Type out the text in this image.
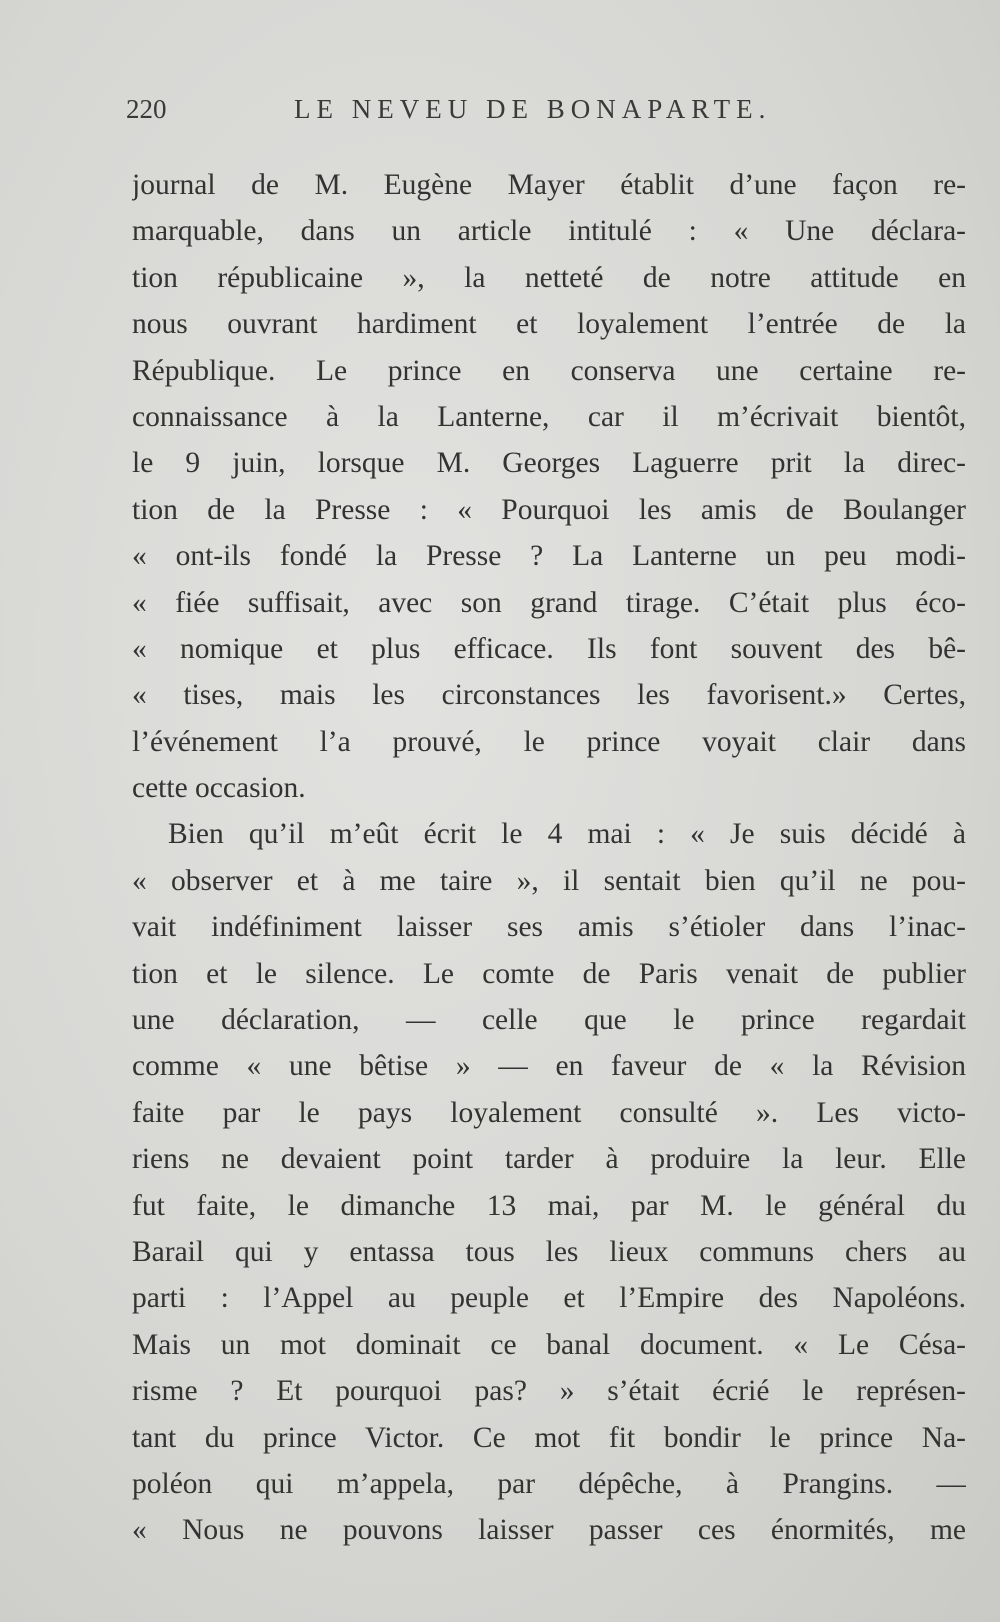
220	LE NEVEU DE BONAPARTE.
journal de M. Eugène Mayer établit d’une façon re-
marquable, dans un article intitulé : « Une déclara-
tion républicaine », la netteté de notre attitude en
nous ouvrant hardiment et loyalement l’entrée de la
République. Le prince en conserva une certaine re-
connaissance à la Lanterne, car il m’écrivait bientôt,
le 9 juin, lorsque M. Georges Laguerre prit la direc-
tion de la Presse : « Pourquoi les amis de Boulanger
« ont-ils fondé la Presse ? La Lanterne un peu modi-
« fiée suffisait, avec son grand tirage. C’était plus éco-
« nomique et plus efficace. Ils font souvent des bê-
« tises, mais les circonstances les favorisent.» Certes,
l’événement l’a prouvé, le prince voyait clair dans
cette occasion.
Bien qu’il m’eût écrit le 4 mai : « Je suis décidé à
« observer et à me taire », il sentait bien qu’il ne pou-
vait indéfiniment laisser ses amis s’étioler dans l’inac-
tion et le silence. Le comte de Paris venait de publier
une déclaration, — celle que le prince regardait
comme « une bêtise » — en faveur de « la Révision
faite par le pays loyalement consulté ». Les victo-
riens ne devaient point tarder à produire la leur. Elle
fut faite, le dimanche 13 mai, par M. le général du
Barail qui y entassa tous les lieux communs chers au
parti : l’Appel au peuple et l’Empire des Napoléons.
Mais un mot dominait ce banal document. « Le Césa-
risme ? Et pourquoi pas? » s’était écrié le représen-
tant du prince Victor. Ce mot fit bondir le prince Na-
poléon qui m’appela, par dépêche, à Prangins. —
« Nous ne pouvons laisser passer ces énormités, me
